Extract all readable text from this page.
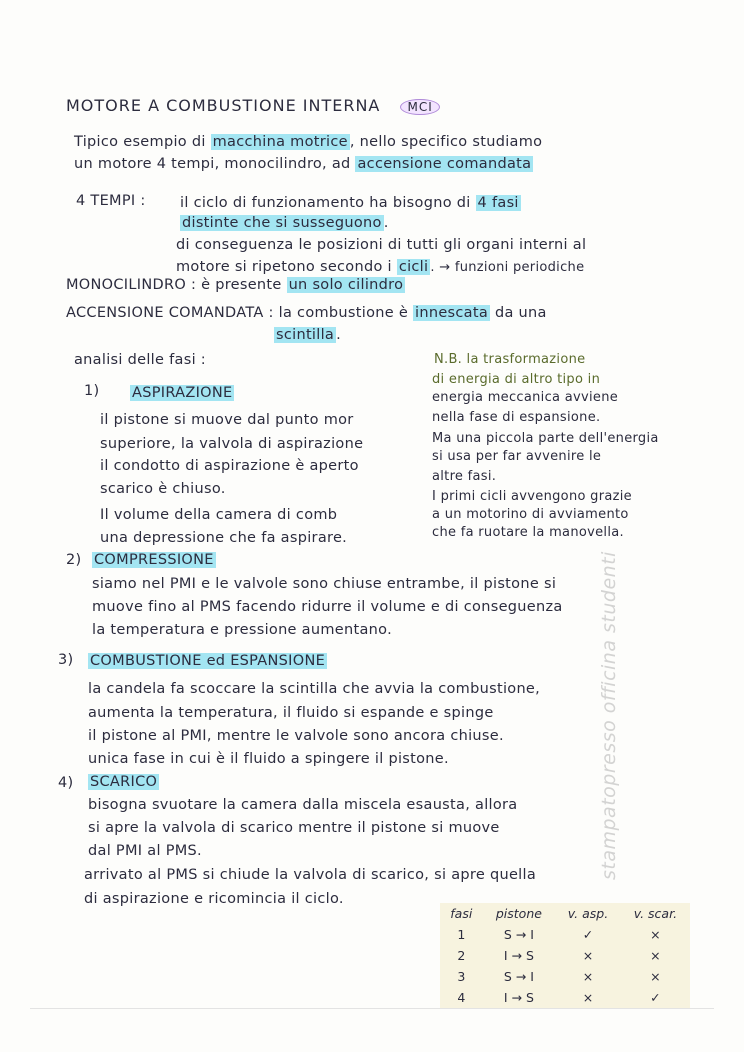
MOTORE A COMBUSTIONE INTERNA MCI
Tipico esempio di macchina motrice , nello specifico studiamo
un motore 4 tempi, monocilindro, ad accensione comandata
4 TEMPI : il ciclo di funzionamento ha bisogno di 4 fasi
distinte che si susseguono .
di conseguenza le posizioni di tutti gli organi interni al
motore si ripetono secondo i cicli . → funzioni periodiche
MONOCILINDRO : è presente un solo cilindro
ACCENSIONE COMANDATA : la combustione è innescata da una
scintilla .
analisi delle fasi :	N.B. la trasformazione
di energia di altro tipo in
energia meccanica avviene
nella fase di espansione.
Ma una piccola parte dell'energia
si usa per far avvenire le
altre fasi.
I primi cicli avvengono grazie
a un motorino di avviamento
che fa ruotare la manovella.
1) ASPIRAZIONE
il pistone si muove dal punto mor
superiore, la valvola di aspirazione
il condotto di aspirazione è aperto
scarico è chiuso.
Il volume della camera di comb
una depressione che fa aspirare.
2) COMPRESSIONE
siamo nel PMI e le valvole sono chiuse entrambe, il pistone si
muove fino al PMS facendo ridurre il volume e di conseguenza
la temperatura e pressione aumentano.
3) COMBUSTIONE ed ESPANSIONE
la candela fa scoccare la scintilla che avvia la combustione,
aumenta la temperatura, il fluido si espande e spinge
il pistone al PMI, mentre le valvole sono ancora chiuse.
unica fase in cui è il fluido a spingere il pistone.
4) SCARICO
bisogna svuotare la camera dalla miscela esausta, allora
si apre la valvola di scarico mentre il pistone si muove
dal PMI al PMS.
arrivato al PMS si chiude la valvola di scarico, si apre quella
di aspirazione e ricomincia il ciclo.
fasi	pistone	v. asp.	v. scar.
1	S → I	✓	×
2	I → S	×	×
3	S → I	×	×
4	I → S	×	✓
stampatopresso officina studenti
